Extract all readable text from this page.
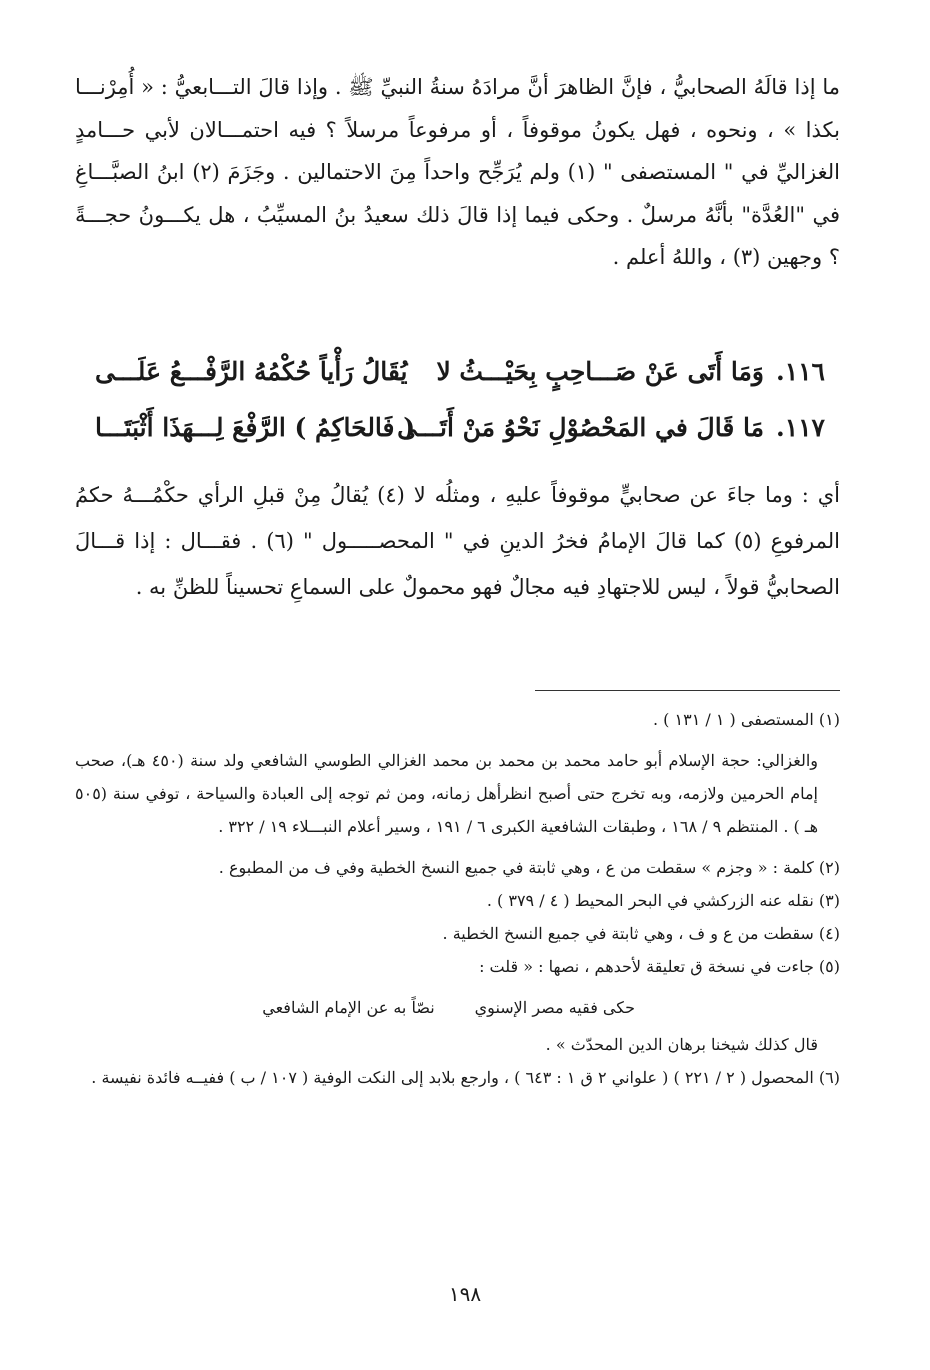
ما إذا قالَهُ الصحابيُّ ، فإنَّ الظاهرَ أنَّ مرادَهُ سنةُ النبيِّ ﷺ . وإذا قالَ التـــابعيُّ : « أُمِرْنـــا بكذا » ، ونحوه ، فهل يكونُ موقوفاً ، أو مرفوعاً مرسلاً ؟ فيه احتمـــالان لأبي حـــامدٍ الغزاليِّ في " المستصفى " (١) ولم يُرَجِّح واحداً مِنَ الاحتمالين . وجَزَمَ (٢) ابنُ الصبَّـــاغِ في "العُدَّة" بأنَّهُ مرسلٌ . وحكى فيما إذا قالَ ذلك سعيدُ بنُ المسيِّبُ ، هل يكـــونُ حجـــةً ؟ وجهين (٣) ، واللهُ أعلم .

١١٦.
وَمَا أَتَى عَنْ صَـــاحِبٍ بِحَيْـــثُ لا
يُقَالُ رَأْياً حُكْمُهُ الرَّفْـــعُ عَلَـــى
١١٧.
مَا قَالَ في المَحْصُوْلِ نَحْوُ مَنْ أَتَـــى
( فَالحَاكِمُ ) الرَّفْعَ لِـــهَذَا أَثْبَتَـــا

أي : وما جاءَ عن صحابيٍّ موقوفاً عليهِ ، ومثلُه لا (٤) يُقالُ مِنْ قبلِ الرأي حكْمُـــهُ حكمُ المرفوعِ (٥) كما قالَ الإمامُ فخرُ الدينِ في " المحصـــــول " (٦) . فقـــال : إذا قـــالَ الصحابيُّ قولاً ، ليس للاجتهادِ فيه مجالٌ فهو محمولٌ على السماعِ تحسيناً للظنِّ به .

(١) المستصفى ( ١ / ١٣١ ) .

والغزالي: حجة الإسلام أبو حامد محمد بن محمد بن محمد الغزالي الطوسي الشافعي ولد سنة (٤٥٠ هـ)، صحب إمام الحرمين ولازمه، وبه تخرج حتى أصبح انظرأهل زمانه، ومن ثم توجه إلى العبادة والسياحة ، توفي سنة (٥٠٥ هـ ) . المنتظم ٩ / ١٦٨ ، وطبقات الشافعية الكبرى ٦ / ١٩١ ، وسير أعلام النبـــلاء ١٩ / ٣٢٢ .

(٢) كلمة : « وجزم » سقطت من ع ، وهي ثابتة في جميع النسخ الخطية وفي ف من المطبوع .

(٣) نقله عنه الزركشي في البحر المحيط ( ٤ / ٣٧٩ ) .

(٤) سقطت من ع و ف ، وهي ثابتة في جميع النسخ الخطية .

(٥) جاءت في نسخة ق تعليقة لأحدهم ، نصها : « قلت :

حكى فقيه مصر الإسنوي
نصّاً به عن الإمام الشافعي

قال كذلك شيخنا برهان الدين المحدّث » .

(٦) المحصول ( ٢ / ٢٢١ ) ( علواني ٢ ق ١ : ٦٤٣ ) ، وارجع بلابد إلى النكت الوفية ( ١٠٧ / ب ) ففيــه فائدة نفيسة .

١٩٨
